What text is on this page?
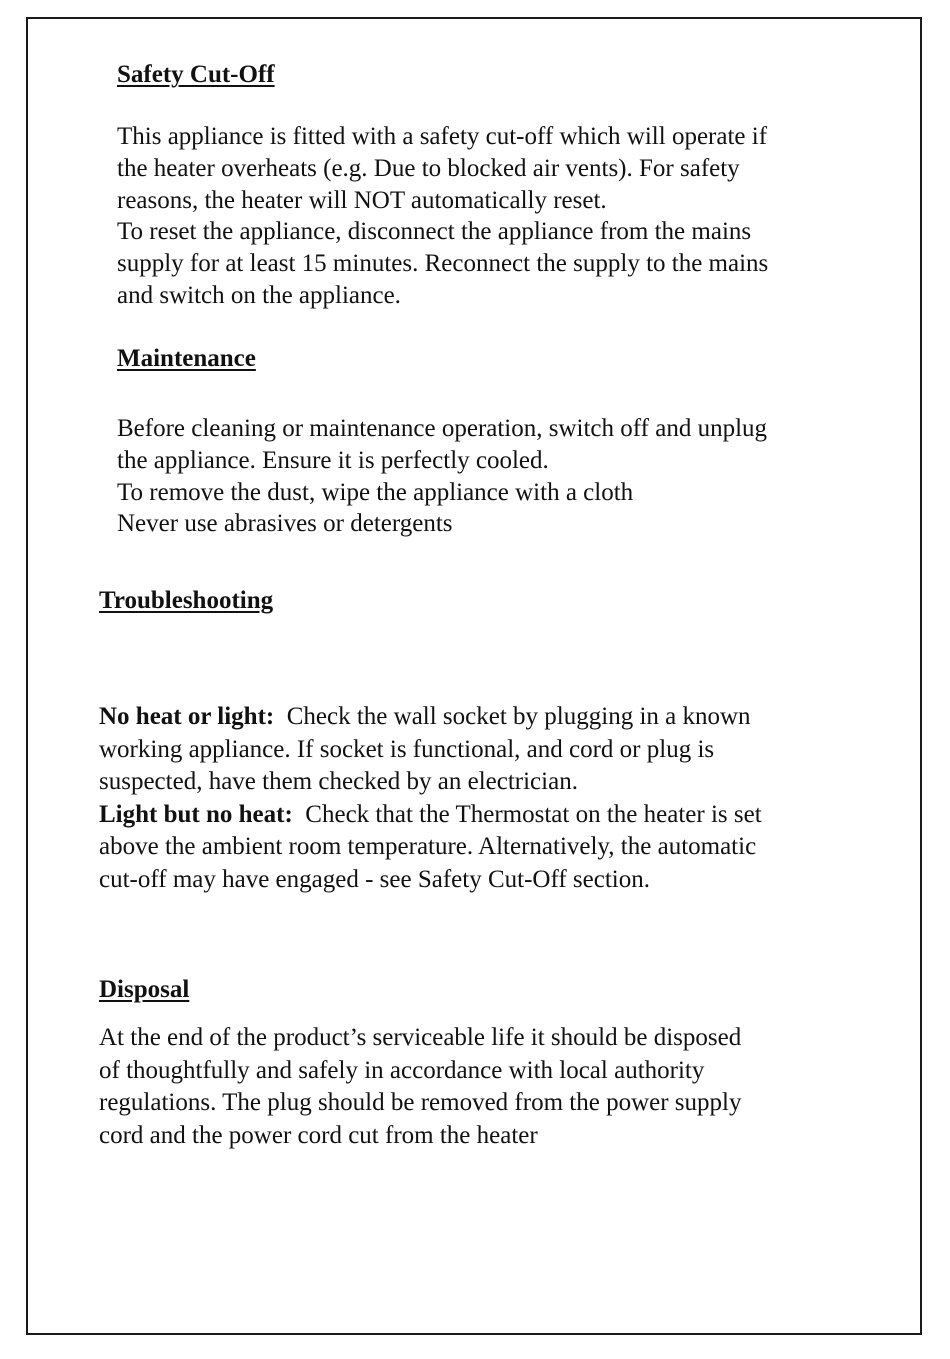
Safety Cut-Off
This appliance is fitted with a safety cut-off which will operate if
the heater overheats (e.g. Due to blocked air vents). For safety
reasons, the heater will NOT automatically reset.
To reset the appliance, disconnect the appliance from the mains
supply for at least 15 minutes. Reconnect the supply to the mains
and switch on the appliance.
Maintenance
Before cleaning or maintenance operation, switch off and unplug
the appliance. Ensure it is perfectly cooled.
To remove the dust, wipe the appliance with a cloth
Never use abrasives or detergents
Troubleshooting
No heat or light: Check the wall socket by plugging in a known
working appliance. If socket is functional, and cord or plug is
suspected, have them checked by an electrician.
Light but no heat: Check that the Thermostat on the heater is set
above the ambient room temperature. Alternatively, the automatic
cut-off may have engaged - see Safety Cut-Off section.
Disposal
At the end of the product’s serviceable life it should be disposed
of thoughtfully and safely in accordance with local authority
regulations. The plug should be removed from the power supply
cord and the power cord cut from the heater
